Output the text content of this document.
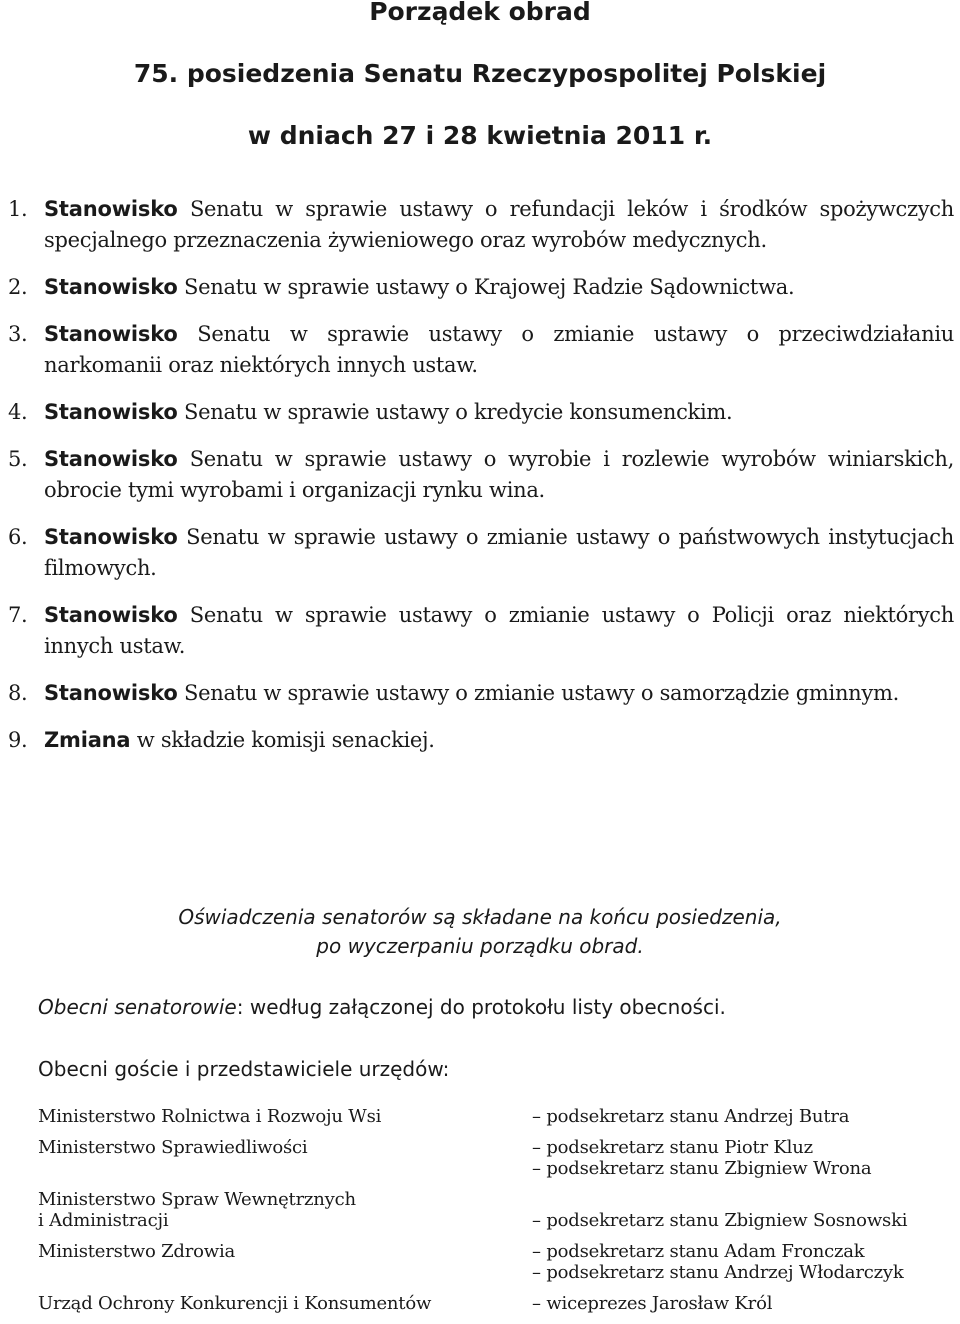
Porządek obrad
75. posiedzenia Senatu Rzeczypospolitej Polskiej
w dniach 27 i 28 kwietnia 2011 r.
1. Stanowisko Senatu w sprawie ustawy o refundacji leków i środków spożywczych specjalnego przeznaczenia żywieniowego oraz wyrobów medycznych.
2. Stanowisko Senatu w sprawie ustawy o Krajowej Radzie Sądownictwa.
3. Stanowisko Senatu w sprawie ustawy o zmianie ustawy o przeciwdziałaniu narkomanii oraz niektórych innych ustaw.
4. Stanowisko Senatu w sprawie ustawy o kredycie konsumenckim.
5. Stanowisko Senatu w sprawie ustawy o wyrobie i rozlewie wyrobów winiarskich, obrocie tymi wyrobami i organizacji rynku wina.
6. Stanowisko Senatu w sprawie ustawy o zmianie ustawy o państwowych instytucjach filmowych.
7. Stanowisko Senatu w sprawie ustawy o zmianie ustawy o Policji oraz niektórych innych ustaw.
8. Stanowisko Senatu w sprawie ustawy o zmianie ustawy o samorządzie gminnym.
9. Zmiana w składzie komisji senackiej.
Oświadczenia senatorów są składane na końcu posiedzenia,
po wyczerpaniu porządku obrad.
Obecni senatorowie: według załączonej do protokołu listy obecności.
Obecni goście i przedstawiciele urzędów:
Ministerstwo Rolnictwa i Rozwoju Wsi	– podsekretarz stanu Andrzej Butra
Ministerstwo Sprawiedliwości	– podsekretarz stanu Piotr Kluz
– podsekretarz stanu Zbigniew Wrona
Ministerstwo Spraw Wewnętrznych
i Administracji	– podsekretarz stanu Zbigniew Sosnowski
Ministerstwo Zdrowia	– podsekretarz stanu Adam Fronczak
– podsekretarz stanu Andrzej Włodarczyk
Urząd Ochrony Konkurencji i Konsumentów	– wiceprezes Jarosław Król
